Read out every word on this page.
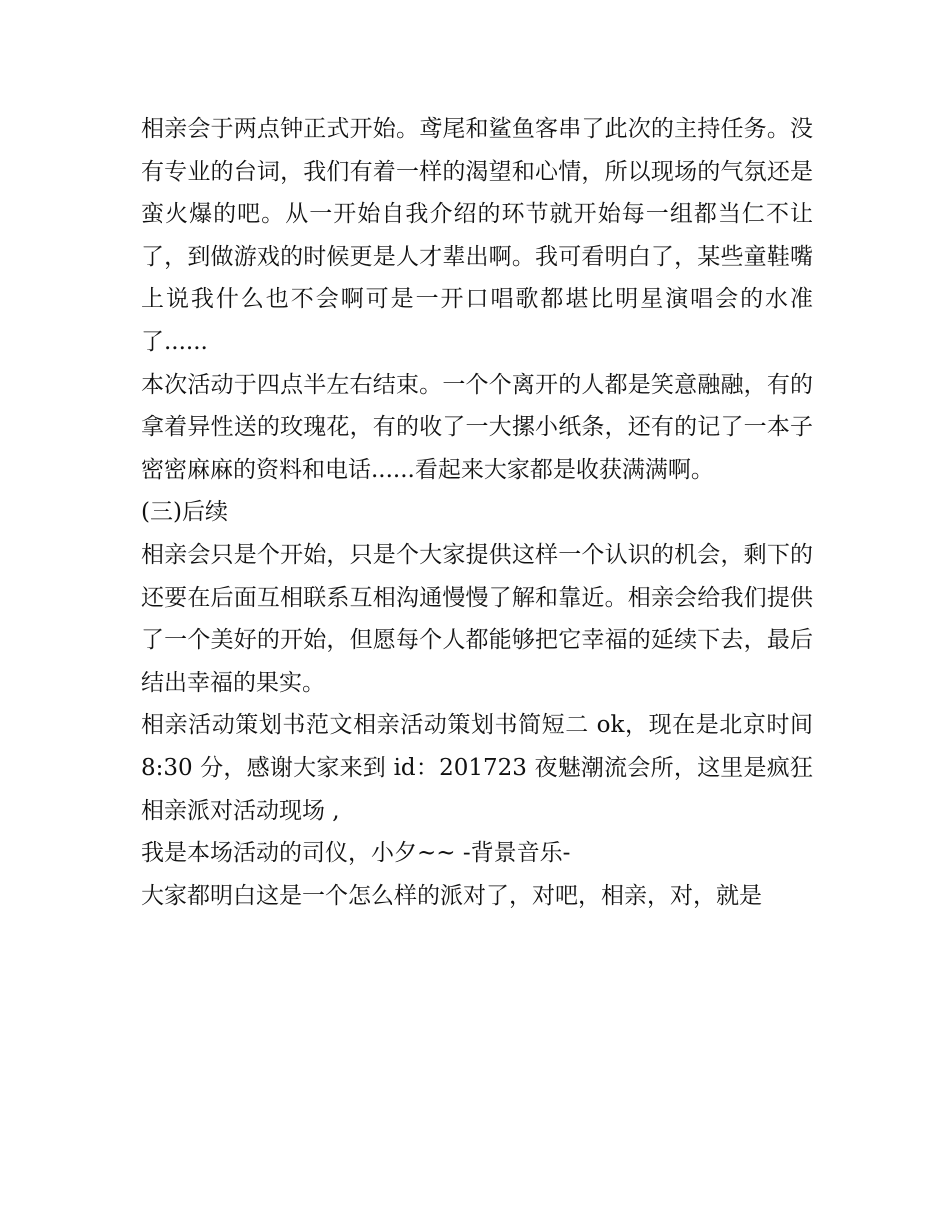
相亲会于两点钟正式开始。鸢尾和鲨鱼客串了此次的主持任务。没有专业的台词，我们有着一样的渴望和心情，所以现场的气氛还是蛮火爆的吧。从一开始自我介绍的环节就开始每一组都当仁不让了，到做游戏的时候更是人才辈出啊。我可看明白了，某些童鞋嘴上说我什么也不会啊可是一开口唱歌都堪比明星演唱会的水准了......

本次活动于四点半左右结束。一个个离开的人都是笑意融融，有的拿着异性送的玫瑰花，有的收了一大摞小纸条，还有的记了一本子密密麻麻的资料和电话......看起来大家都是收获满满啊。

(三)后续

相亲会只是个开始，只是个大家提供这样一个认识的机会，剩下的还要在后面互相联系互相沟通慢慢了解和靠近。相亲会给我们提供了一个美好的开始，但愿每个人都能够把它幸福的延续下去，最后结出幸福的果实。

相亲活动策划书范文相亲活动策划书简短二 ok，现在是北京时间 8:30 分，感谢大家来到 id：201723 夜魅潮流会所，这里是疯狂相亲派对活动现场 ,

我是本场活动的司仪，小夕~~ -背景音乐-

大家都明白这是一个怎么样的派对了，对吧，相亲，对，就是
